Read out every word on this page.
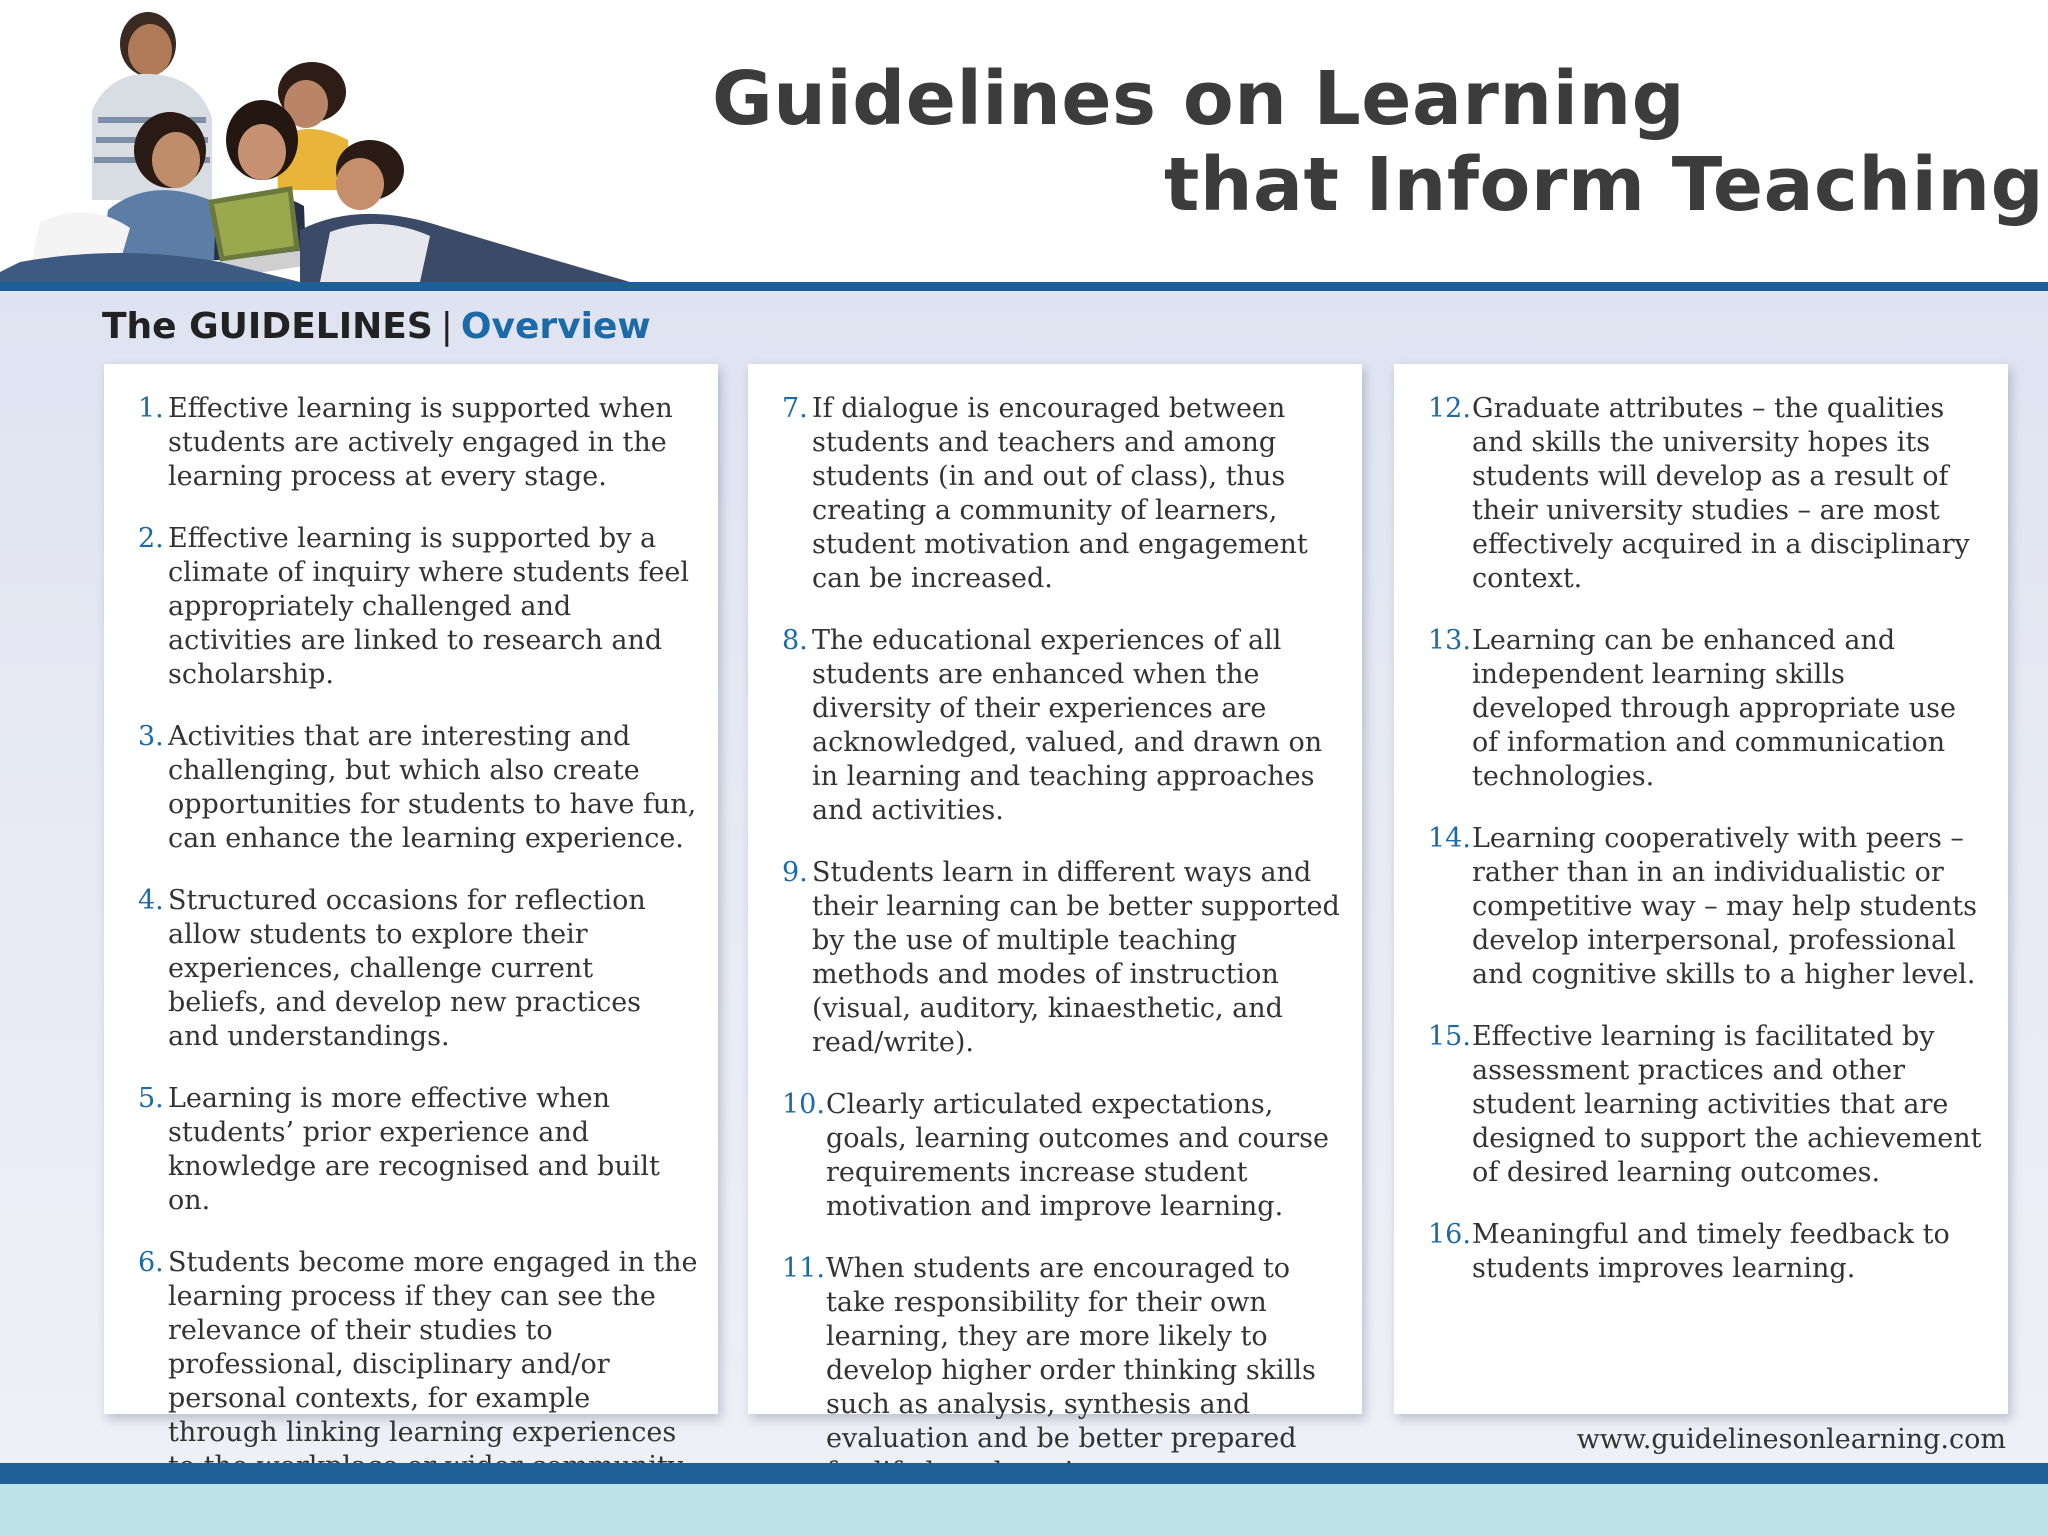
Guidelines on Learning
that Inform Teaching
The GUIDELINES | Overview
1. Effective learning is supported when students are actively engaged in the learning process at every stage.
2. Effective learning is supported by a climate of inquiry where students feel appropriately challenged and activities are linked to research and scholarship.
3. Activities that are interesting and challenging, but which also create opportunities for students to have fun, can enhance the learning experience.
4. Structured occasions for reflection allow students to explore their experiences, challenge current beliefs, and develop new practices and understandings.
5. Learning is more effective when students’ prior experience and knowledge are recognised and built on.
6. Students become more engaged in the learning process if they can see the relevance of their studies to professional, disciplinary and/or personal contexts, for example through linking learning experiences
7. If dialogue is encouraged between students and teachers and among students (in and out of class), thus creating a community of learners, student motivation and engagement can be increased.
8. The educational experiences of all students are enhanced when the diversity of their experiences are acknowledged, valued, and drawn on in learning and teaching approaches and activities.
9. Students learn in different ways and their learning can be better supported by the use of multiple teaching methods and modes of instruction (visual, auditory, kinaesthetic, and read/write).
10. Clearly articulated expectations, goals, learning outcomes and course requirements increase student motivation and improve learning.
11. When students are encouraged to take responsibility for their own learning, they are more likely to develop higher order thinking skills such as analysis, synthesis and evaluation and be better prepared
12. Graduate attributes – the qualities and skills the university hopes its students will develop as a result of their university studies – are most effectively acquired in a disciplinary context.
13. Learning can be enhanced and independent learning skills developed through appropriate use of information and communication technologies.
14. Learning cooperatively with peers – rather than in an individualistic or competitive way – may help students develop interpersonal, professional and cognitive skills to a higher level.
15. Effective learning is facilitated by assessment practices and other student learning activities that are designed to support the achievement of desired learning outcomes.
16. Meaningful and timely feedback to students improves learning.
www.guidelinesonlearning.com
